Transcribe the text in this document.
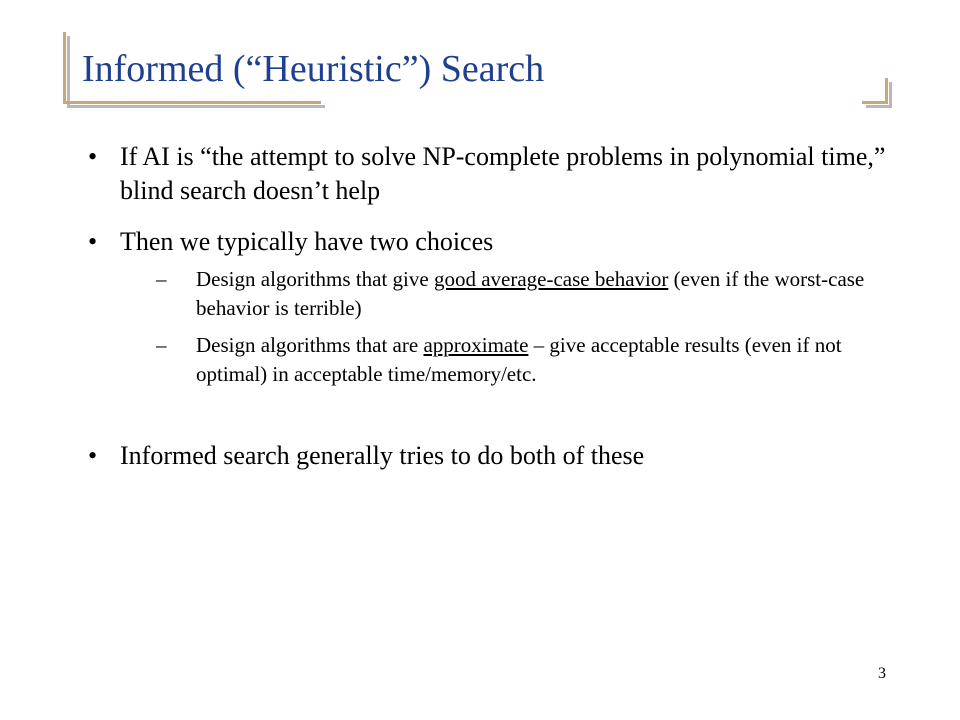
Informed (“Heuristic”) Search
• If AI is “the attempt to solve NP-complete problems in polynomial time,” blind search doesn’t help
• Then we typically have two choices
– Design algorithms that give good average-case behavior (even if the worst-case behavior is terrible)
– Design algorithms that are approximate – give acceptable results (even if not optimal) in acceptable time/memory/etc.
• Informed search generally tries to do both of these
3
